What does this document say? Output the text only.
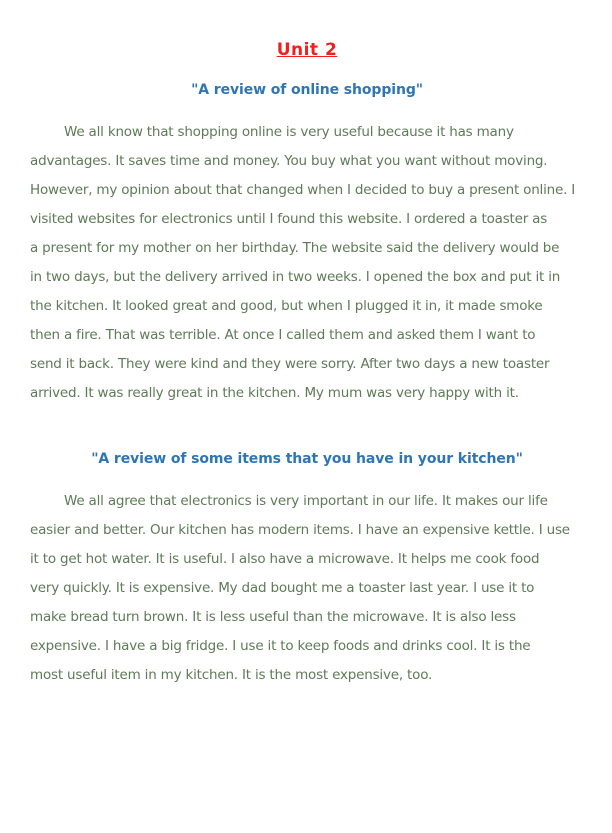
Unit 2
"A review of online shopping"
We all know that shopping online is very useful because it has many
advantages. It saves time and money. You buy what you want without moving.
However, my opinion about that changed when I decided to buy a present online. I
visited websites for electronics until I found this website. I ordered a toaster as
a present for my mother on her birthday. The website said the delivery would be
in two days, but the delivery arrived in two weeks. I opened the box and put it in
the kitchen. It looked great and good, but when I plugged it in, it made smoke
then a fire. That was terrible. At once I called them and asked them I want to
send it back. They were kind and they were sorry. After two days a new toaster
arrived. It was really great in the kitchen. My mum was very happy with it.
"A review of some items that you have in your kitchen"
We all agree that electronics is very important in our life. It makes our life
easier and better. Our kitchen has modern items. I have an expensive kettle. I use
it to get hot water. It is useful. I also have a microwave. It helps me cook food
very quickly. It is expensive. My dad bought me a toaster last year. I use it to
make bread turn brown. It is less useful than the microwave. It is also less
expensive. I have a big fridge. I use it to keep foods and drinks cool. It is the
most useful item in my kitchen. It is the most expensive, too.
